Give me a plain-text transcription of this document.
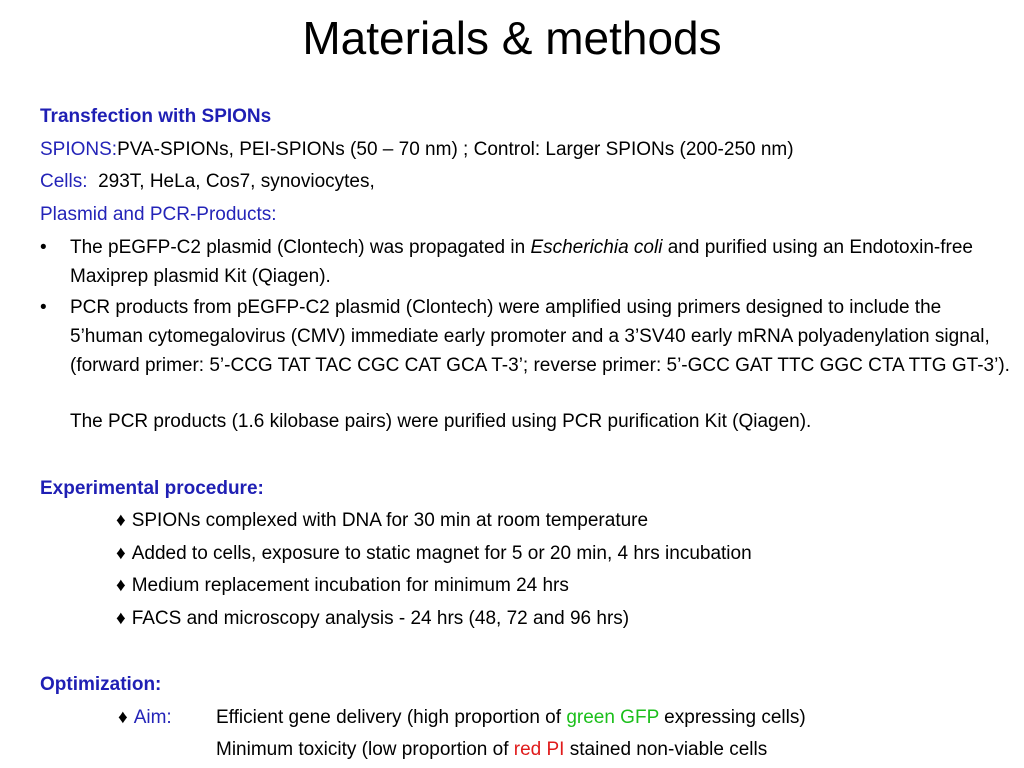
Materials & methods
Transfection with SPIONs
SPIONS:PVA-SPIONs, PEI-SPIONs (50 – 70 nm) ; Control: Larger SPIONs (200-250 nm)
Cells: 293T, HeLa, Cos7, synoviocytes,
Plasmid and PCR-Products:
• The pEGFP-C2 plasmid (Clontech) was propagated in Escherichia coli and purified using an Endotoxin-free Maxiprep plasmid Kit (Qiagen).
• PCR products from pEGFP-C2 plasmid (Clontech) were amplified using primers designed to include the 5’human cytomegalovirus (CMV) immediate early promoter and a 3’SV40 early mRNA polyadenylation signal, (forward primer: 5’-CCG TAT TAC CGC CAT GCA T-3’; reverse primer: 5’-GCC GAT TTC GGC CTA TTG GT-3’).
The PCR products (1.6 kilobase pairs) were purified using PCR purification Kit (Qiagen).
Experimental procedure:
♦ SPIONs complexed with DNA for 30 min at room temperature
♦ Added to cells, exposure to static magnet for 5 or 20 min, 4 hrs incubation
♦ Medium replacement incubation for minimum 24 hrs
♦ FACS and microscopy analysis - 24 hrs (48, 72 and 96 hrs)
Optimization:
♦ Aim: Efficient gene delivery (high proportion of green GFP expressing cells)
Minimum toxicity (low proportion of red PI stained non-viable cells
